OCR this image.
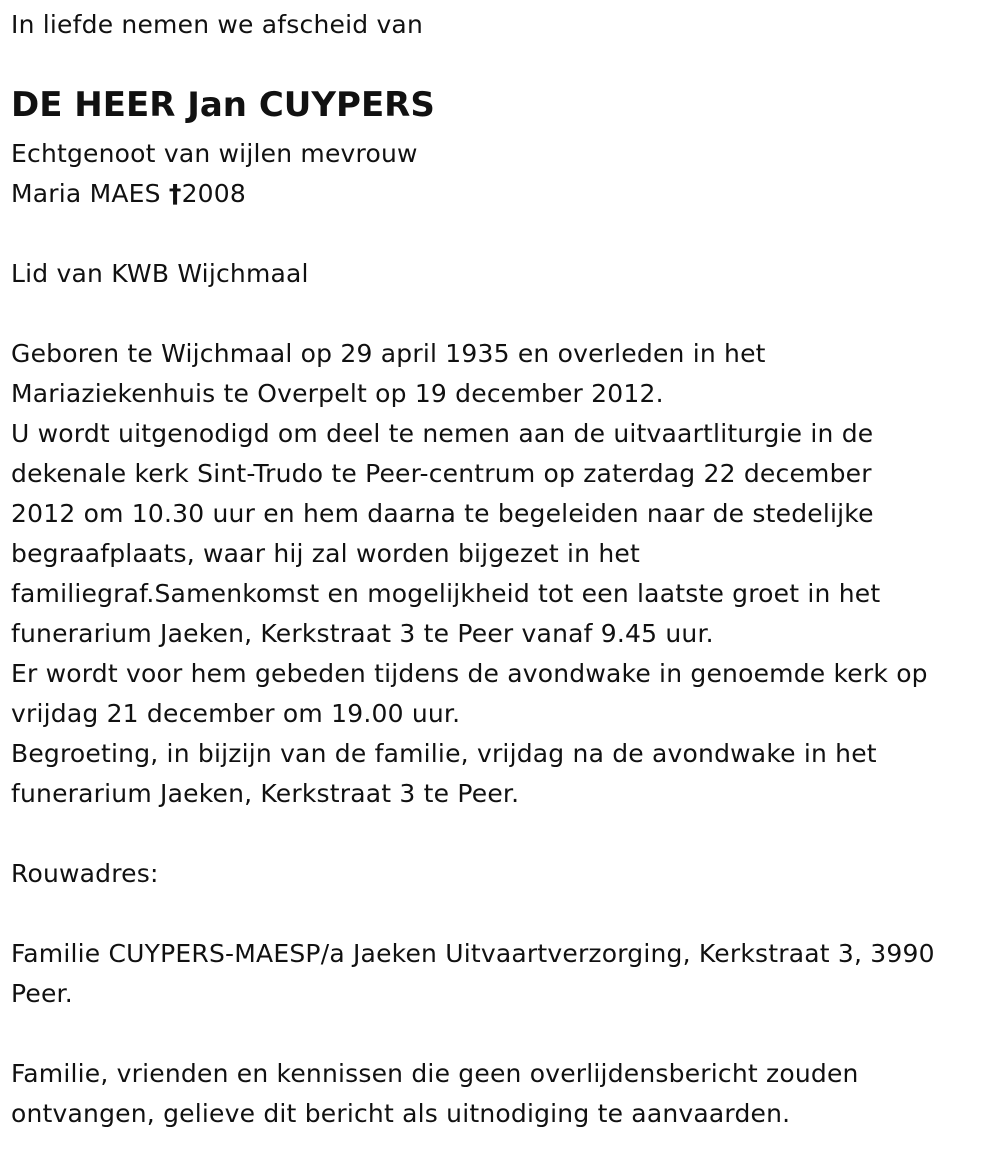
In liefde nemen we afscheid van
DE HEER Jan CUYPERS
Echtgenoot van wijlen mevrouw
Maria MAES †2008
Lid van KWB Wijchmaal
Geboren te Wijchmaal op 29 april 1935 en overleden in het
Mariaziekenhuis te Overpelt op 19 december 2012.
U wordt uitgenodigd om deel te nemen aan de uitvaartliturgie in de
dekenale kerk Sint-Trudo te Peer-centrum op zaterdag 22 december
2012 om 10.30 uur en hem daarna te begeleiden naar de stedelijke
begraafplaats, waar hij zal worden bijgezet in het
familiegraf.Samenkomst en mogelijkheid tot een laatste groet in het
funerarium Jaeken, Kerkstraat 3 te Peer vanaf 9.45 uur.
Er wordt voor hem gebeden tijdens de avondwake in genoemde kerk op
vrijdag 21 december om 19.00 uur.
Begroeting, in bijzijn van de familie, vrijdag na de avondwake in het
funerarium Jaeken, Kerkstraat 3 te Peer.
Rouwadres:
Familie CUYPERS-MAESP/a Jaeken Uitvaartverzorging, Kerkstraat 3, 3990
Peer.
Familie, vrienden en kennissen die geen overlijdensbericht zouden
ontvangen, gelieve dit bericht als uitnodiging te aanvaarden.
